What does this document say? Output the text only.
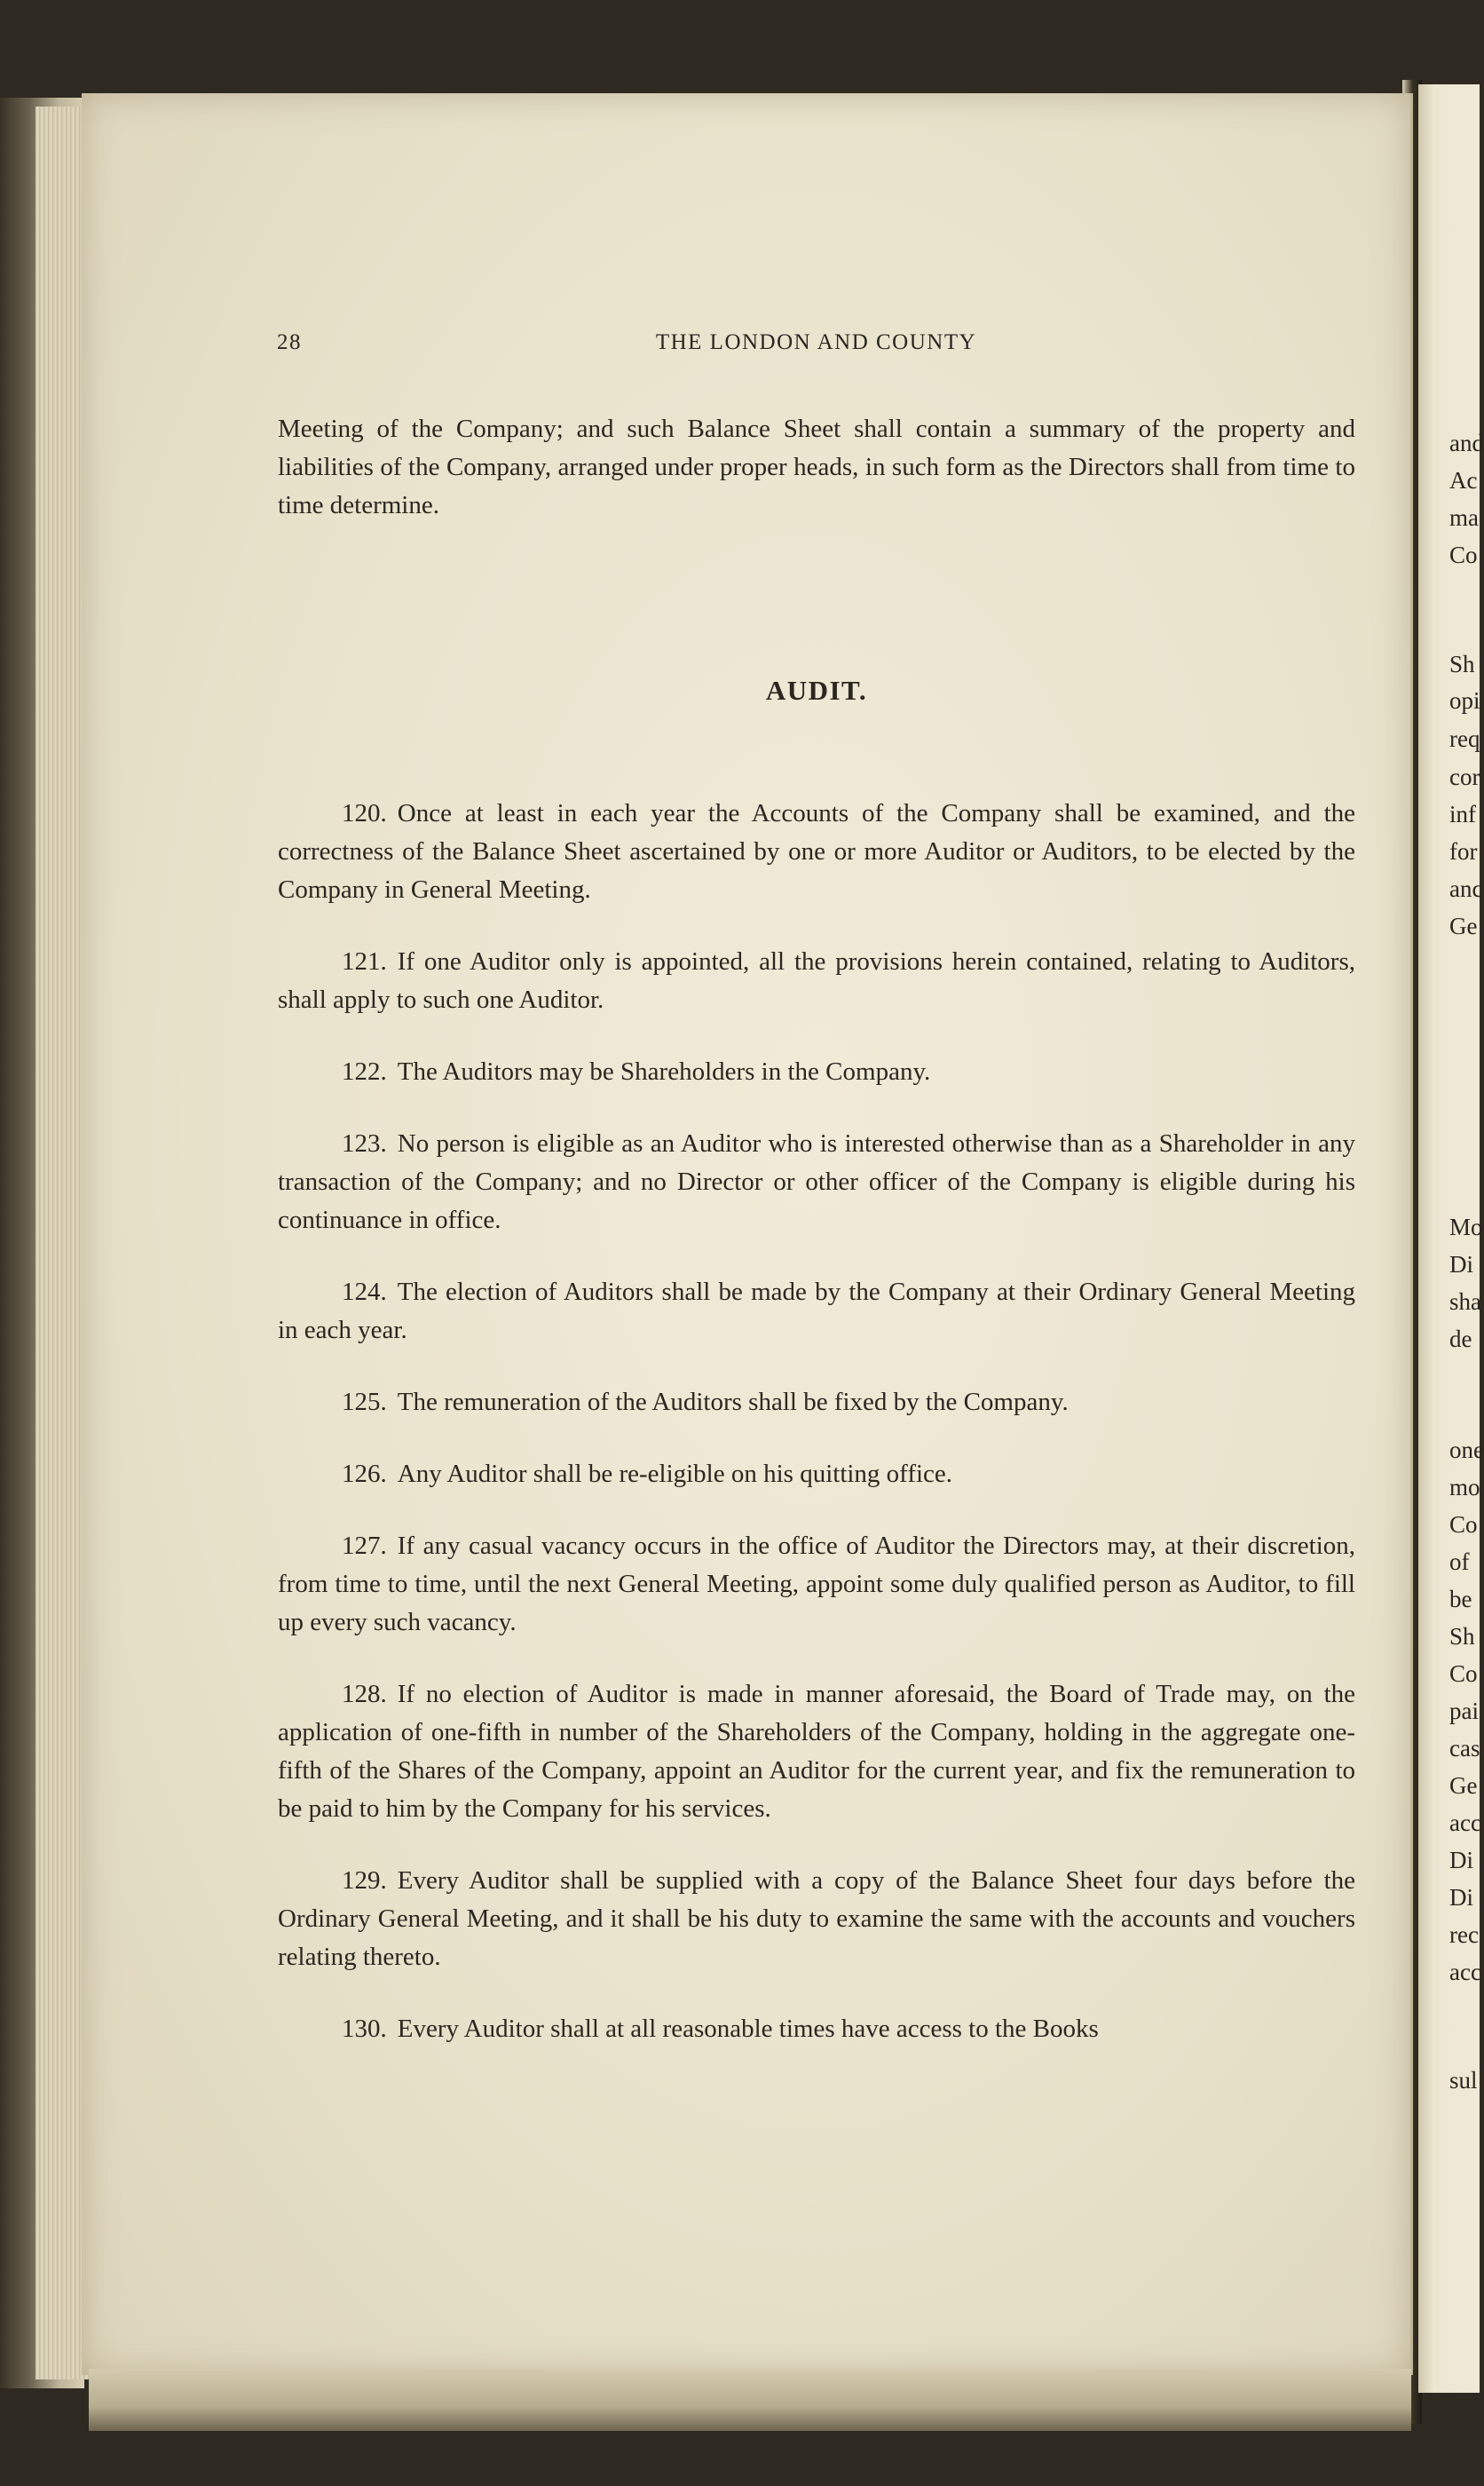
and
Ac
ma
Co
Sh
opi
req
cor
inf
for
anc
Ge
Mo
Di
sha
de
one
mo
Co
of
be
Sh
Co
pai
cas
Ge
acc
Di
Di
rec
acc
sul
28	THE LONDON AND COUNTY

Meeting of the Company; and such Balance Sheet shall contain a summary of the property and liabilities of the Company, arranged under proper heads, in such form as the Directors shall from time to time determine.

AUDIT.

120. Once at least in each year the Accounts of the Company shall be examined, and the correctness of the Balance Sheet ascertained by one or more Auditor or Auditors, to be elected by the Company in General Meeting.

121. If one Auditor only is appointed, all the provisions herein contained, relating to Auditors, shall apply to such one Auditor.

122. The Auditors may be Shareholders in the Company.

123. No person is eligible as an Auditor who is interested otherwise than as a Shareholder in any transaction of the Company; and no Director or other officer of the Company is eligible during his continuance in office.

124. The election of Auditors shall be made by the Company at their Ordinary General Meeting in each year.

125. The remuneration of the Auditors shall be fixed by the Company.

126. Any Auditor shall be re-eligible on his quitting office.

127. If any casual vacancy occurs in the office of Auditor the Directors may, at their discretion, from time to time, until the next General Meeting, appoint some duly qualified person as Auditor, to fill up every such vacancy.

128. If no election of Auditor is made in manner aforesaid, the Board of Trade may, on the application of one-fifth in number of the Shareholders of the Company, holding in the aggregate one-fifth of the Shares of the Company, appoint an Auditor for the current year, and fix the remuneration to be paid to him by the Company for his services.

129. Every Auditor shall be supplied with a copy of the Balance Sheet four days before the Ordinary General Meeting, and it shall be his duty to examine the same with the accounts and vouchers relating thereto.

130. Every Auditor shall at all reasonable times have access to the Books
